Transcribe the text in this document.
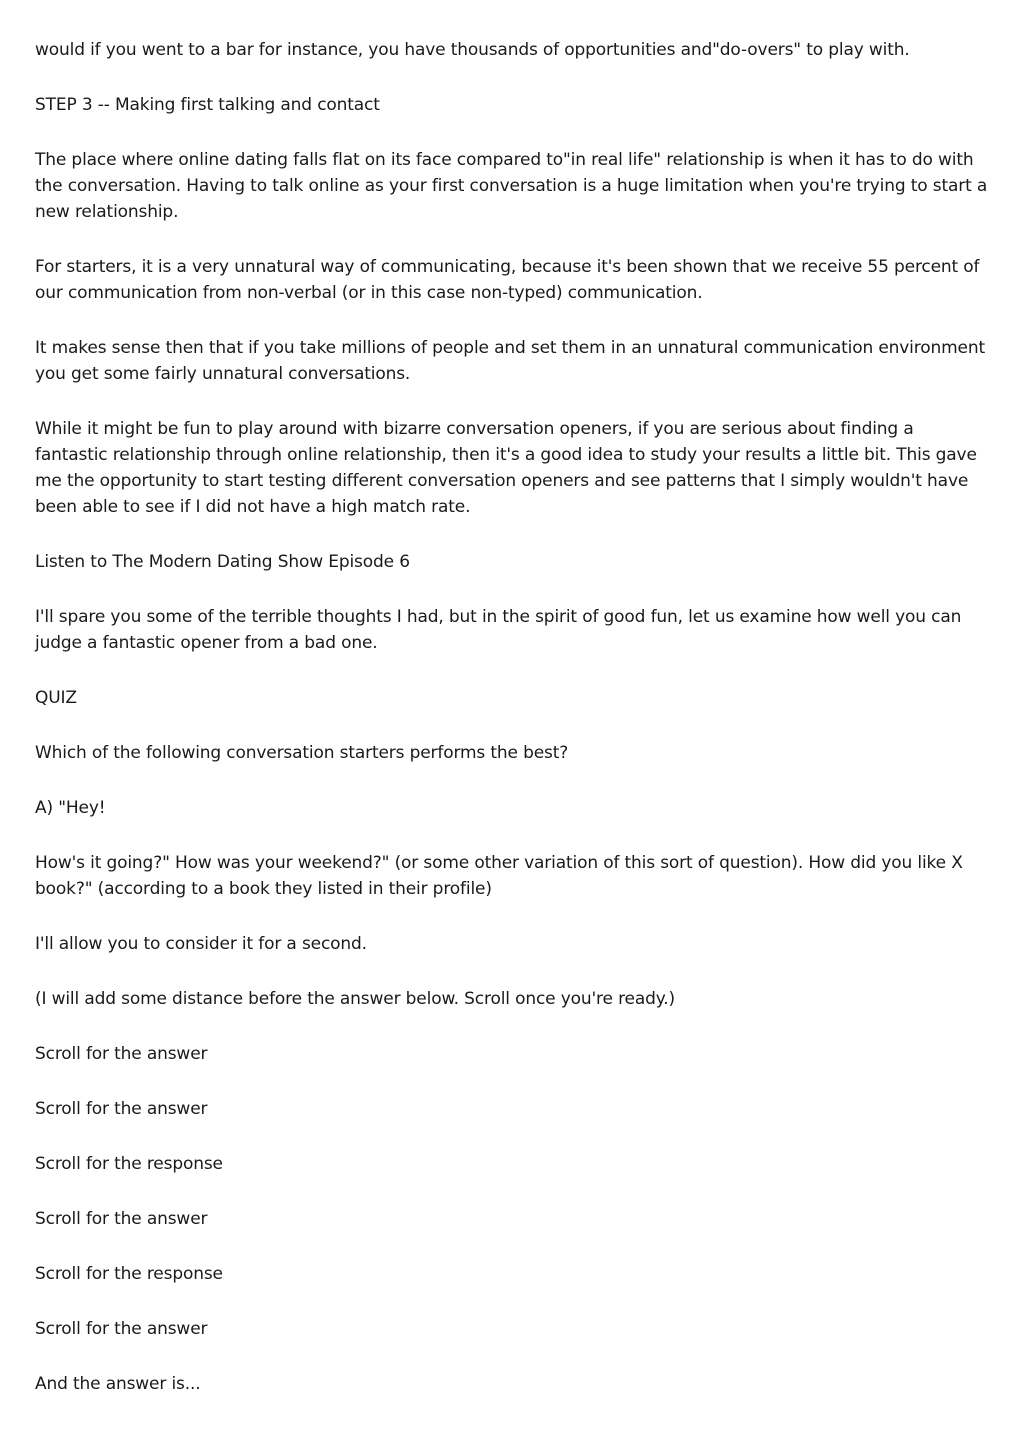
would if you went to a bar for instance, you have thousands of opportunities and"do-overs" to play with.

STEP 3 -- Making first talking and contact

The place where online dating falls flat on its face compared to"in real life" relationship is when it has to do with the conversation. Having to talk online as your first conversation is a huge limitation when you're trying to start a new relationship.

For starters, it is a very unnatural way of communicating, because it's been shown that we receive 55 percent of our communication from non-verbal (or in this case non-typed) communication.

It makes sense then that if you take millions of people and set them in an unnatural communication environment you get some fairly unnatural conversations.

While it might be fun to play around with bizarre conversation openers, if you are serious about finding a fantastic relationship through online relationship, then it's a good idea to study your results a little bit. This gave me the opportunity to start testing different conversation openers and see patterns that I simply wouldn't have been able to see if I did not have a high match rate.

Listen to The Modern Dating Show Episode 6

I'll spare you some of the terrible thoughts I had, but in the spirit of good fun, let us examine how well you can judge a fantastic opener from a bad one.

QUIZ

Which of the following conversation starters performs the best?

A) "Hey!

How's it going?" How was your weekend?" (or some other variation of this sort of question). How did you like X book?" (according to a book they listed in their profile)

I'll allow you to consider it for a second.

(I will add some distance before the answer below. Scroll once you're ready.)

Scroll for the answer

Scroll for the answer

Scroll for the response

Scroll for the answer

Scroll for the response

Scroll for the answer

And the answer is...
